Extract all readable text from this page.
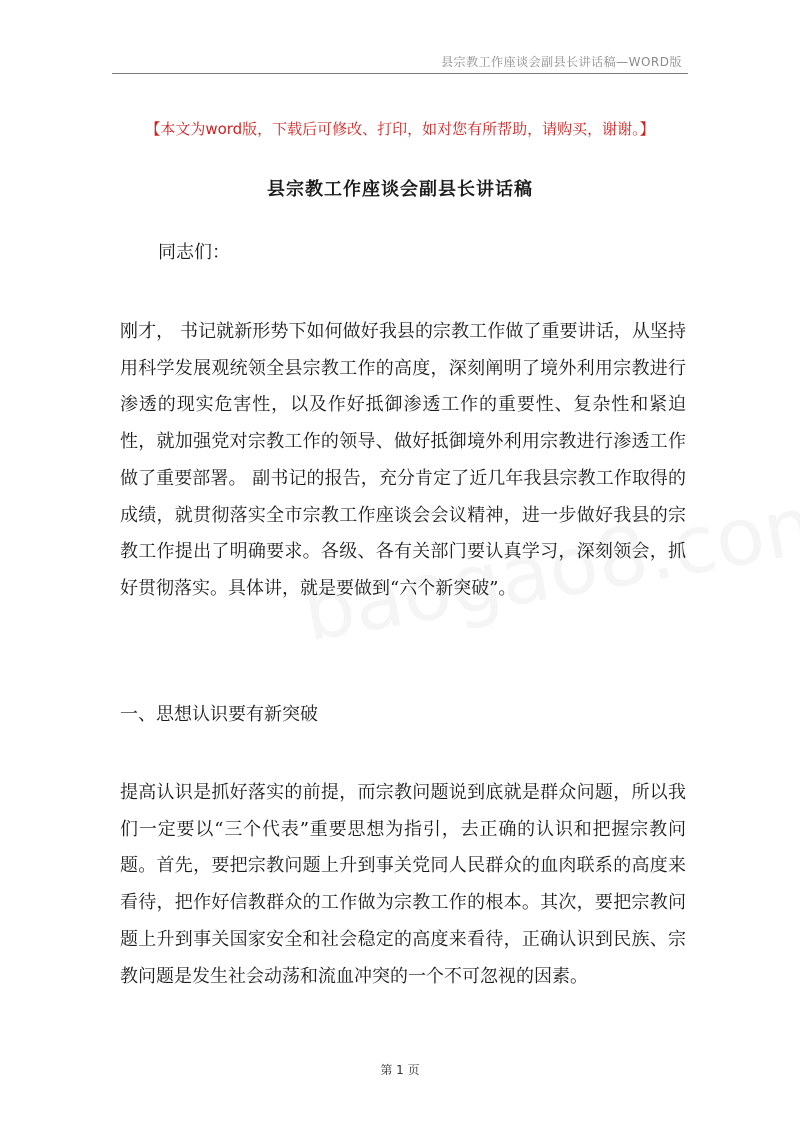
县宗教工作座谈会副县长讲话稿—WORD版
【本文为word版，下载后可修改、打印，如对您有所帮助，请购买，谢谢。】
县宗教工作座谈会副县长讲话稿

同志们：

刚才， 书记就新形势下如何做好我县的宗教工作做了重要讲话，从坚持用科学发展观统领全县宗教工作的高度，深刻阐明了境外利用宗教进行渗透的现实危害性，以及作好抵御渗透工作的重要性、复杂性和紧迫性，就加强党对宗教工作的领导、做好抵御境外利用宗教进行渗透工作做了重要部署。 副书记的报告，充分肯定了近几年我县宗教工作取得的成绩，就贯彻落实全市宗教工作座谈会会议精神，进一步做好我县的宗教工作提出了明确要求。各级、各有关部门要认真学习，深刻领会，抓好贯彻落实。具体讲，就是要做到“六个新突破”。

一、思想认识要有新突破

提高认识是抓好落实的前提，而宗教问题说到底就是群众问题，所以我们一定要以“三个代表”重要思想为指引，去正确的认识和把握宗教问题。首先，要把宗教问题上升到事关党同人民群众的血肉联系的高度来看待，把作好信教群众的工作做为宗教工作的根本。其次，要把宗教问题上升到事关国家安全和社会稳定的高度来看待，正确认识到民族、宗教问题是发生社会动荡和流血冲突的一个不可忽视的因素。

第 1 页
